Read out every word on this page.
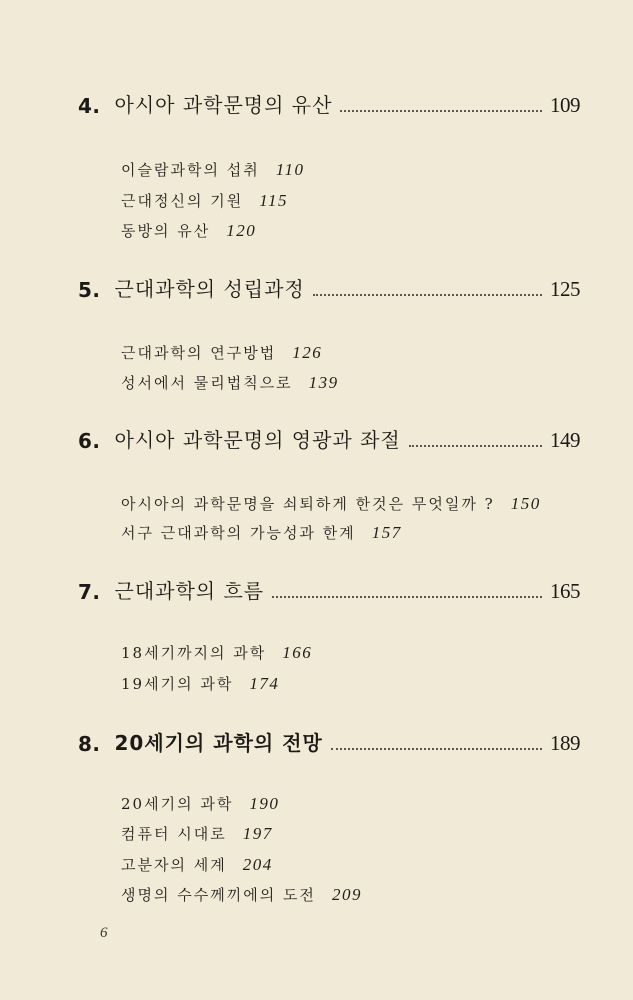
4. 아시아 과학문명의 유산	109
이슬람과학의 섭취 110
근대정신의 기원 115
동방의 유산 120
5. 근대과학의 성립과정	125
근대과학의 연구방법 126
성서에서 물리법칙으로 139
6. 아시아 과학문명의 영광과 좌절	149
아시아의 과학문명을 쇠퇴하게 한것은 무엇일까 ? 150
서구 근대과학의 가능성과 한계 157
7. 근대과학의 흐름	165
18세기까지의 과학 166
19세기의 과학 174
8. 20세기의 과학의 전망	189
20세기의 과학 190
컴퓨터 시대로 197
고분자의 세계 204
생명의 수수께끼에의 도전 209
6
